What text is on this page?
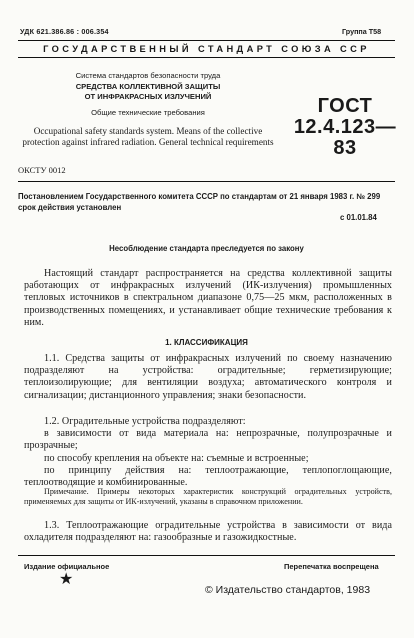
УДК 621.386.86 : 006.354	Группа Т58
ГОСУДАРСТВЕННЫЙ СТАНДАРТ СОЮЗА ССР
Система стандартов безопасности труда
СРЕДСТВА КОЛЛЕКТИВНОЙ ЗАЩИТЫ
ОТ ИНФРАКРАСНЫХ ИЗЛУЧЕНИЙ
Общие технические требования
Occupational safety standards system. Means of the collective protection against infrared radiation. General technical requirements
ГОСТ
12.4.123—83
ОКСТУ 0012
Постановлением Государственного комитета СССР по стандартам от 21 января 1983 г. № 299 срок действия установлен
с 01.01.84
Несоблюдение стандарта преследуется по закону
Настоящий стандарт распространяется на средства коллективной защиты работающих от инфракрасных излучений (ИК-излучения) промышленных тепловых источников в спектральном диапазоне 0,75—25 мкм, расположенных в производственных помещениях, и устанавливает общие технические требования к ним.
1. КЛАССИФИКАЦИЯ
1.1. Средства защиты от инфракрасных излучений по своему назначению подразделяют на устройства: оградительные; герметизирующие; теплоизолирующие; для вентиляции воздуха; автоматического контроля и сигнализации; дистанционного управления; знаки безопасности.
1.2. Оградительные устройства подразделяют:
в зависимости от вида материала на: непрозрачные, полупрозрачные и прозрачные;
по способу крепления на объекте на: съемные и встроенные;
по принципу действия на: теплоотражающие, теплопоглощающие, теплоотводящие и комбинированные.
Примечание. Примеры некоторых характеристик конструкций оградительных устройств, применяемых для защиты от ИК-излучений, указаны в справочном приложении.
1.3. Теплоотражающие оградительные устройства в зависимости от вида охладителя подразделяют на: газообразные и газожидкостные.
Издание официальное	Перепечатка воспрещена
★
© Издательство стандартов, 1983
